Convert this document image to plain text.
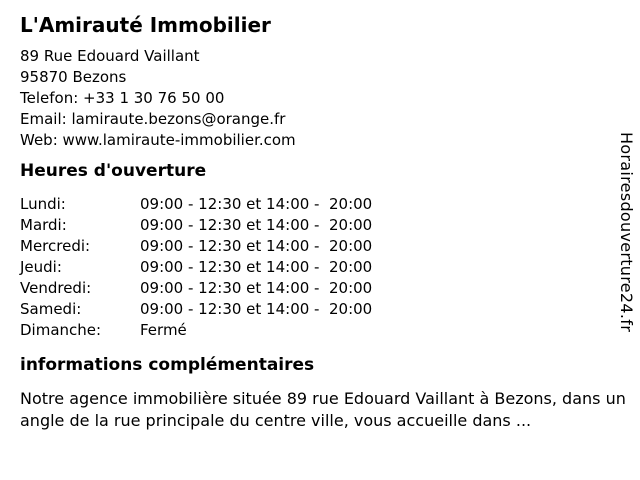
L'Amirauté Immobilier
89 Rue Edouard Vaillant
95870 Bezons
Telefon: +33 1 30 76 50 00
Email: lamiraute.bezons@orange.fr
Web: www.lamiraute-immobilier.com
Heures d'ouverture
Lundi:	09:00 - 12:30 et 14:00 -  20:00
Mardi:	09:00 - 12:30 et 14:00 -  20:00
Mercredi:	09:00 - 12:30 et 14:00 -  20:00
Jeudi:	09:00 - 12:30 et 14:00 -  20:00
Vendredi:	09:00 - 12:30 et 14:00 -  20:00
Samedi:	09:00 - 12:30 et 14:00 -  20:00
Dimanche:	Fermé
informations complémentaires

Notre agence immobilière située 89 rue Edouard Vaillant à Bezons, dans un angle de la rue principale du centre ville, vous accueille dans ...

Horairesdouverture24.fr
